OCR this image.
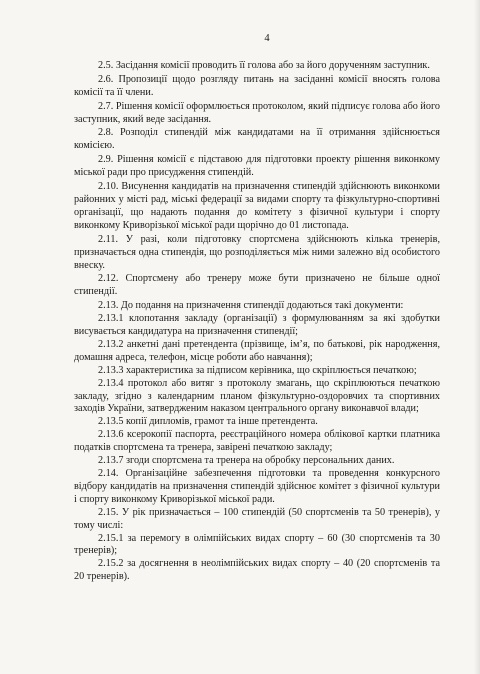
4

2.5. Засідання комісії проводить її голова або за його дорученням заступник.

2.6. Пропозиції щодо розгляду питань на засіданні комісії вносять голова комісії та її члени.

2.7. Рішення комісії оформлюється протоколом, який підписує голова або його заступник, який веде засідання.

2.8. Розподіл стипендій між кандидатами на її отримання здійснюється комісією.

2.9. Рішення комісії є підставою для підготовки проекту рішення виконкому міської ради про присудження стипендій.

2.10. Висунення кандидатів на призначення стипендій здійснюють виконкоми районних у місті рад, міські федерації за видами спорту та фізкультурно-спортивні організації, що надають подання до комітету з фізичної культури і спорту виконкому Криворізької міської ради щорічно до 01 листопада.

2.11. У разі, коли підготовку спортсмена здійснюють кілька тренерів, призначається одна стипендія, що розподіляється між ними залежно від особистого внеску.

2.12. Спортсмену або тренеру може бути призначено не більше одної стипендії.

2.13. До подання на призначення стипендії додаються такі документи:

2.13.1 клопотання закладу (організації) з формулюванням за які здобутки висувається кандидатура на призначення стипендії;

2.13.2 анкетні дані претендента (прізвище, ім’я, по батькові, рік народження, домашня адреса, телефон, місце роботи або навчання);

2.13.3 характеристика за підписом керівника, що скріплюється печаткою;

2.13.4 протокол або витяг з протоколу змагань, що скріплюються печаткою закладу, згідно з календарним планом фізкультурно-оздоровчих та спортивних заходів України, затвердженим наказом центрального органу виконавчої влади;

2.13.5 копії дипломів, грамот та інше претендента.

2.13.6 ксерокопії паспорта, реєстраційного номера облікової картки платника податків спортсмена та тренера, завірені печаткою закладу;

2.13.7 згоди спортсмена та тренера на обробку персональних даних.

2.14. Організаційне забезпечення підготовки та проведення конкурсного відбору кандидатів на призначення стипендій здійснює комітет з фізичної культури і спорту виконкому Криворізької міської ради.

2.15. У рік призначається – 100 стипендій (50 спортсменів та 50 тренерів), у тому числі:

2.15.1 за перемогу в олімпійських видах спорту – 60 (30 спортсменів та 30 тренерів);

2.15.2 за досягнення в неолімпійських видах спорту – 40 (20 спортсменів та 20 тренерів).
